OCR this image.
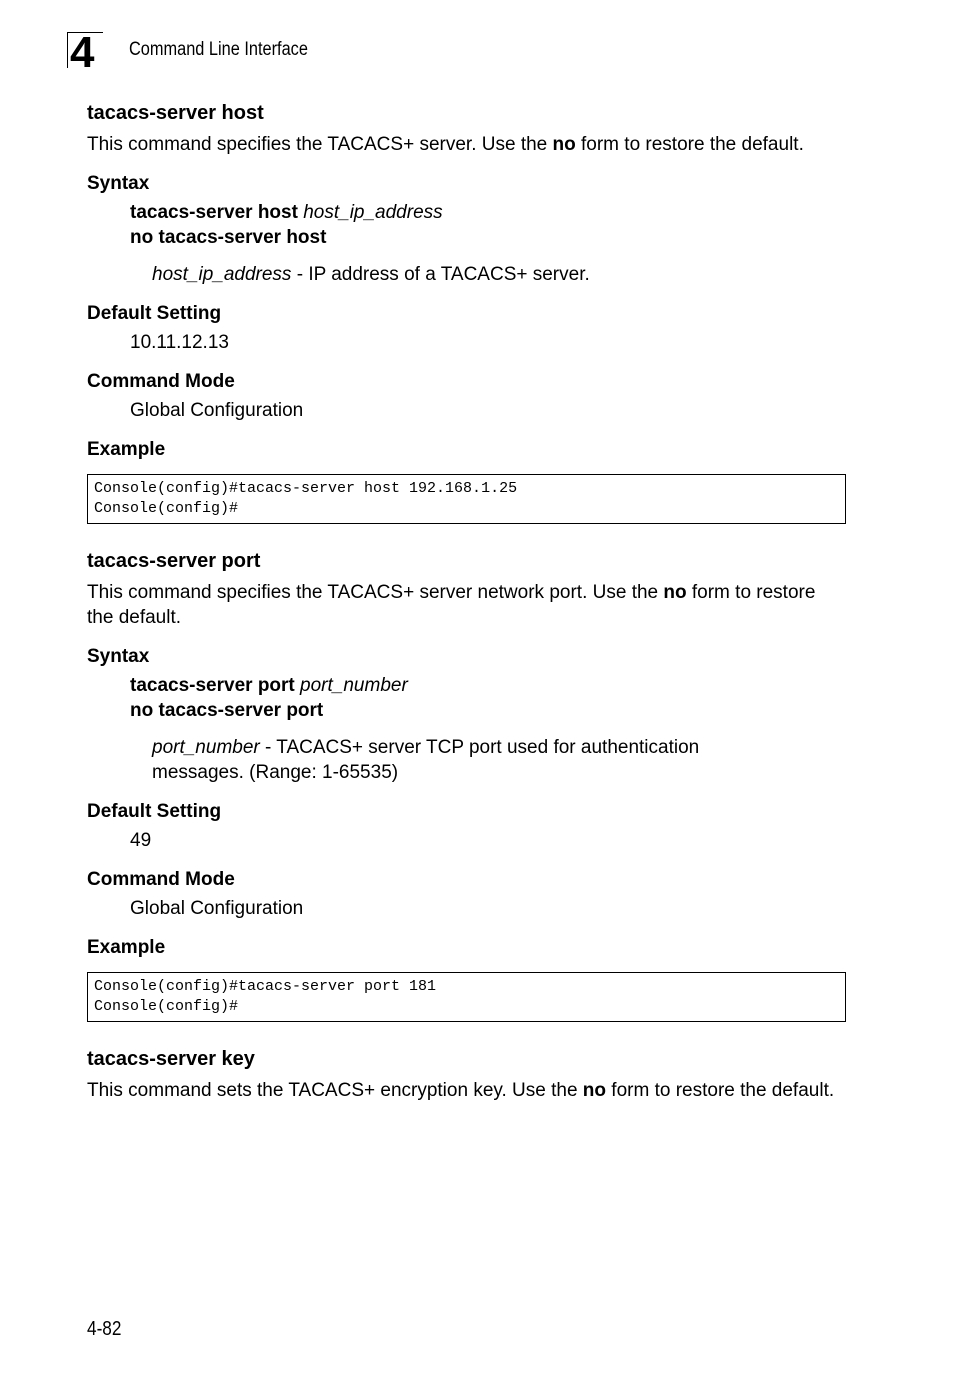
4	Command Line Interface
tacacs-server host

This command specifies the TACACS+ server. Use the no form to restore the default.

Syntax
tacacs-server host host_ip_address
no tacacs-server host
host_ip_address - IP address of a TACACS+ server.
Default Setting
10.11.12.13
Command Mode
Global Configuration
Example
Console(config)#tacacs-server host 192.168.1.25
Console(config)#
tacacs-server port

This command specifies the TACACS+ server network port. Use the no form to restore the default.

Syntax
tacacs-server port port_number
no tacacs-server port
port_number - TACACS+ server TCP port used for authentication messages. (Range: 1-65535)
Default Setting
49
Command Mode
Global Configuration
Example
Console(config)#tacacs-server port 181
Console(config)#
tacacs-server key

This command sets the TACACS+ encryption key. Use the no form to restore the default.

4-82
